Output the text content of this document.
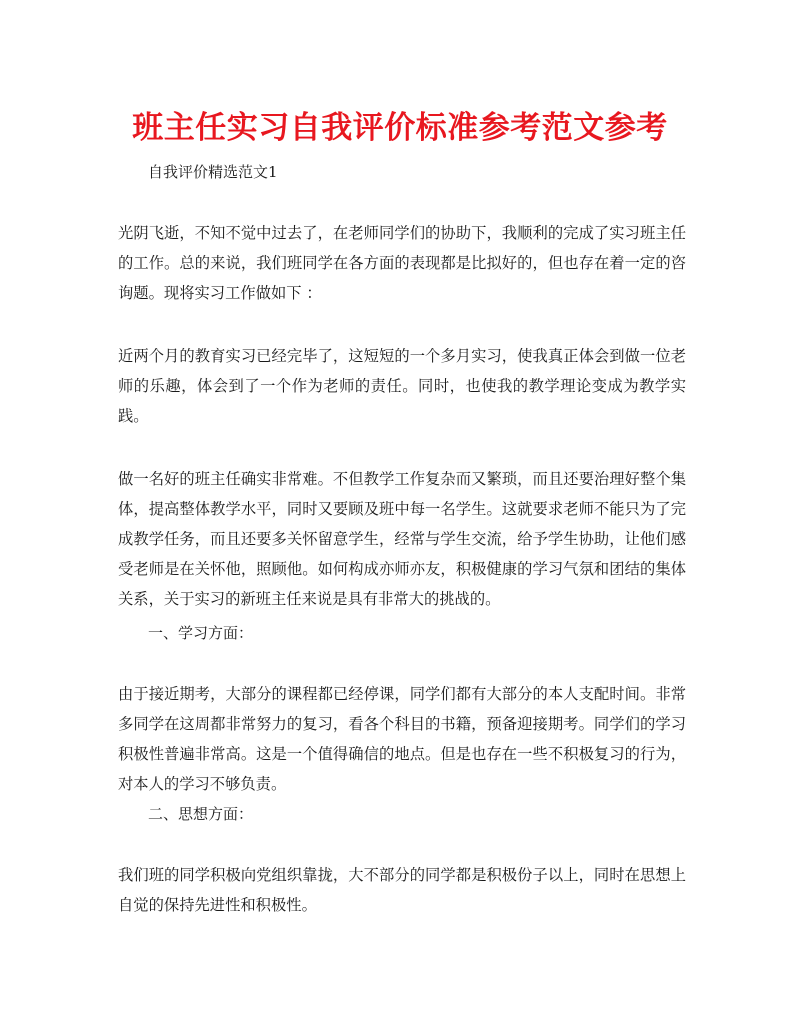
班主任实习自我评价标准参考范文参考
自我评价精选范文1

光阴飞逝，不知不觉中过去了，在老师同学们的协助下，我顺利的完成了实习班主任的工作。总的来说，我们班同学在各方面的表现都是比拟好的，但也存在着一定的咨询题。现将实习工作做如下 ：

近两个月的教育实习已经完毕了，这短短的一个多月实习，使我真正体会到做一位老师的乐趣，体会到了一个作为老师的责任。同时，也使我的教学理论变成为教学实践。

做一名好的班主任确实非常难。不但教学工作复杂而又繁琐，而且还要治理好整个集体，提高整体教学水平，同时又要顾及班中每一名学生。这就要求老师不能只为了完成教学任务，而且还要多关怀留意学生，经常与学生交流，给予学生协助，让他们感受老师是在关怀他，照顾他。如何构成亦师亦友，积极健康的学习气氛和团结的集体关系，关于实习的新班主任来说是具有非常大的挑战的。

一、学习方面：

由于接近期考，大部分的课程都已经停课，同学们都有大部分的本人支配时间。非常多同学在这周都非常努力的复习，看各个科目的书籍，预备迎接期考。同学们的学习积极性普遍非常高。这是一个值得确信的地点。但是也存在一些不积极复习的行为，对本人的学习不够负责。

二、思想方面：

我们班的同学积极向党组织靠拢，大不部分的同学都是积极份子以上，同时在思想上自觉的保持先进性和积极性。
